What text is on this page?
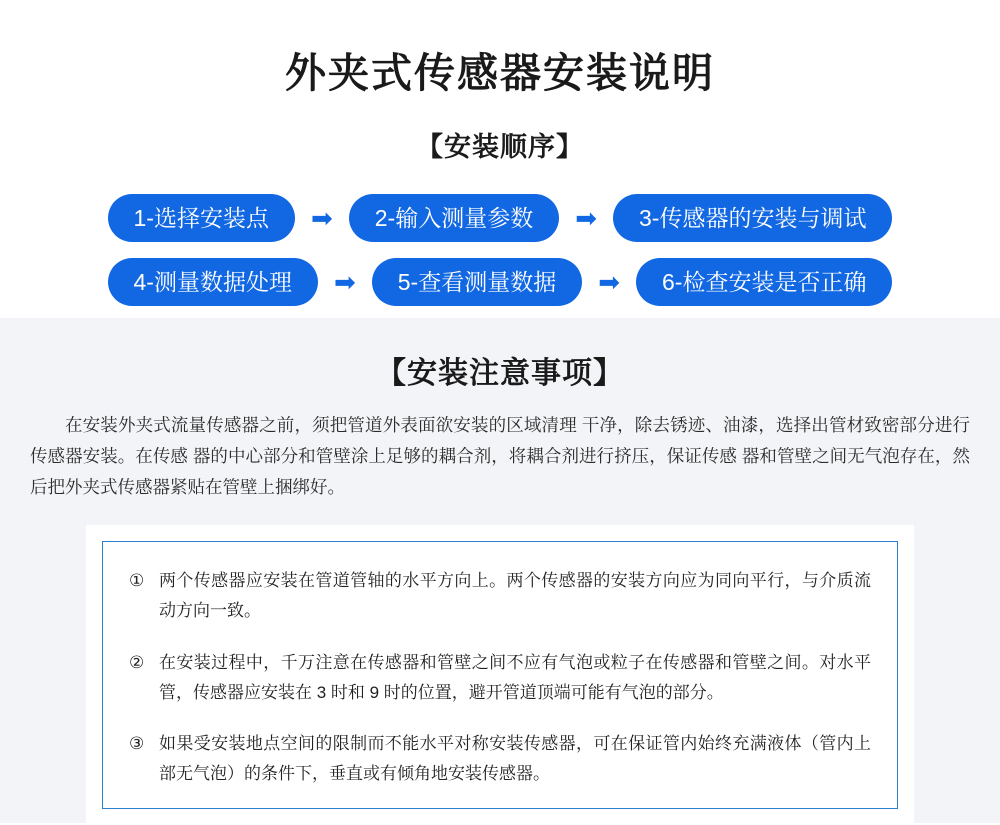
外夹式传感器安装说明
【安装顺序】
1-选择安装点	➡	2-输入测量参数	➡	3-传感器的安装与调试
4-测量数据处理	➡	5-查看测量数据	➡	6-检查安装是否正确
【安装注意事项】

在安装外夹式流量传感器之前，须把管道外表面欲安装的区域清理 干净，除去锈迹、油漆，选择出管材致密部分进行传感器安装。在传感 器的中心部分和管壁涂上足够的耦合剂，将耦合剂进行挤压，保证传感 器和管壁之间无气泡存在，然后把外夹式传感器紧贴在管壁上捆绑好。

① 两个传感器应安装在管道管轴的水平方向上。两个传感器的安装方向应为同向平行，与介质流动方向一致。
② 在安装过程中，千万注意在传感器和管壁之间不应有气泡或粒子在传感器和管壁之间。对水平管，传感器应安装在 3 时和 9 时的位置，避开管道顶端可能有气泡的部分。
③ 如果受安装地点空间的限制而不能水平对称安装传感器，可在保证管内始终充满液体（管内上部无气泡）的条件下，垂直或有倾角地安装传感器。
